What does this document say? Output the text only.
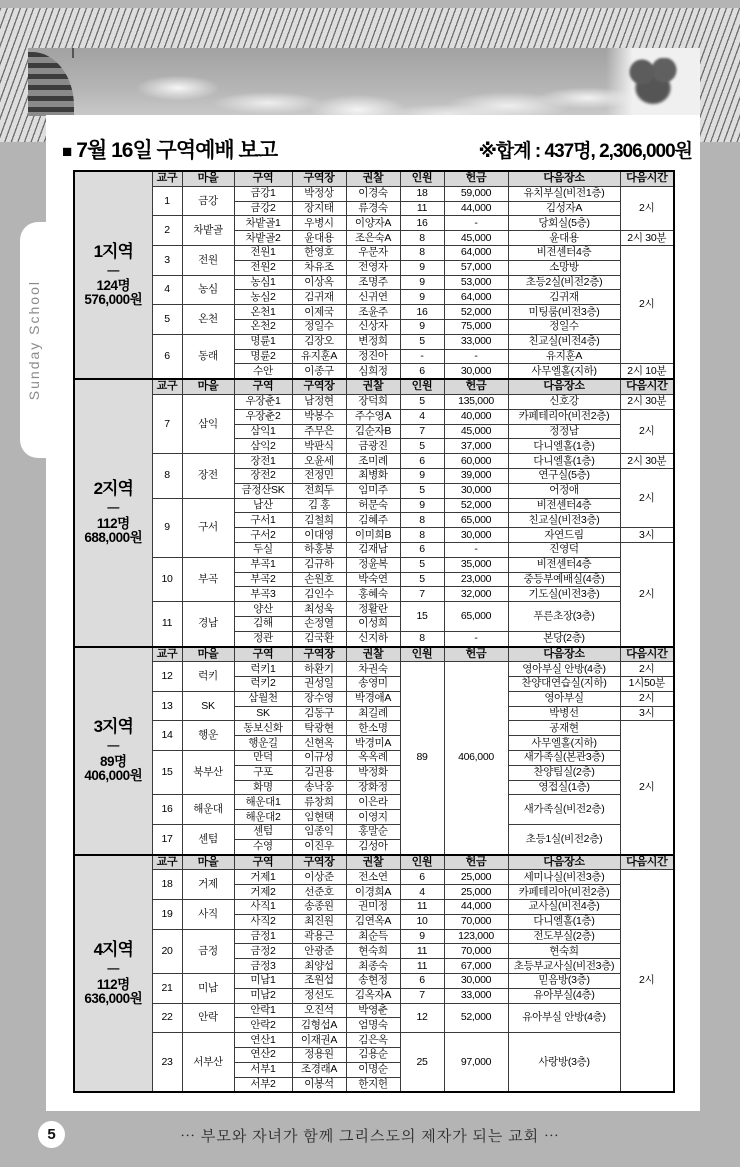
Sunday School
■ 7월 16일 구역예배 보고	※합계 : 437명, 2,306,000원
1지역
—
124명
576,000원	교구	마을	구역	구역장	권찰	인원	헌금	다음장소	다음시간
	1	금강	금강1	박정상	이경숙	18	59,000	유치부실(비전1층)	2시
			금강2	장지태	류경숙	11	44,000	김성자A	
	2	차밭골	차밭골1	우병시	이양자A	16	-	당회실(5층)	
			차밭골2	윤대용	조은숙A	8	45,000	윤대용	2시 30분
	3	전원	전원1	한영호	우문자	8	64,000	비전센터4층	2시
			전원2	차유조	전영자	9	57,000	소망방	
	4	농심	농심1	이상옥	조명주	9	53,000	초등2실(비전2층)	
			농심2	김귀재	신귀연	9	64,000	김귀재	
	5	온천	온천1	이제국	조윤주	16	52,000	미팅룸(비전3층)	
			온천2	정일수	신상자	9	75,000	정일수	
	6	동래	명륜1	김장오	변정희	5	33,000	친교실(비전4층)	
			명륜2	유지훈A	정진아	-	-	유지훈A	
			수안	이종구	심희정	6	30,000	사무엘홀(지하)	2시 10분

2지역
—
112명
688,000원	교구	마을	구역	구역장	권찰	인원	헌금	다음장소	다음시간
	7	삼익	우장춘1	남정현	장덕희	5	135,000	신호강	2시 30분
			우장춘2	박봉수	주수영A	4	40,000	카페테리아(비전2층)	2시
			삼익1	주무은	김순자B	7	45,000	정정남	
			삼익2	박판식	금광진	5	37,000	다니엘홀(1층)	
	8	장전	장전1	오윤세	조미례	6	60,000	다니엘홀(1층)	2시 30분
			장전2	전정민	최병화	9	39,000	연구실(5층)	2시
			금정산SK	전희두	임미주	5	30,000	어정애	
	9	구서	남산	김 홍	허문숙	9	52,000	비전센터4층	
			구서1	김철희	김혜주	8	65,000	친교실(비전3층)	
			구서2	이대영	이미희B	8	30,000	자연드림	3시
			두실	하홍봉	김재남	6	-	진영덕	2시
	10	부곡	부곡1	김규하	정윤복	5	35,000	비전센터4층	
			부곡2	손원호	박숙연	5	23,000	중등부예배실(4층)	
			부곡3	김인수	홍혜숙	7	32,000	기도실(비전3층)	
	11	경남	양산	최성욱	정활란	15	65,000	푸른초장(3층)	
			김해	손정열	이성희				
			정관	김국환	신지하	8	-	본당(2층)	

3지역
—
89명
406,000원	교구	마을	구역	구역장	권찰	인원	헌금	다음장소	다음시간
	12	럭키	럭키1	하환기	차권숙	89	406,000	영아부실 안방(4층)	2시
			럭키2	권성일	송영미			찬양대연습실(지하)	1시50분
	13	SK	삼월천	장수영	박경애A			영아부실	2시
			SK	김동구	최길례			박병선	3시
	14	행운	동보신화	탁광현	한소명			공재현	2시
			행운길	신현옥	박경미A			사무엘홀(지하)	
	15	북부산	만덕	이규성	옥옥례			새가족실(본관3층)	
			구포	김권용	박정화			찬양팀실(2층)	
			화명	송낙웅	장화정			영접실(1층)	
	16	해운대	해운대1	류창희	이은라			새가족실(비전2층)	
			해운대2	임현택	이영지				
	17	센텀	센텀	임종익	홍말순			초등1실(비전2층)	
			수영	이진우	김성아				

4지역
—
112명
636,000원	교구	마을	구역	구역장	권찰	인원	헌금	다음장소	다음시간
	18	거제	거제1	이상준	전소연	6	25,000	세미나실(비전3층)	2시
			거제2	선준호	이경희A	4	25,000	카페테리아(비전2층)	
	19	사직	사직1	송종원	권미정	11	44,000	교사실(비전4층)	
			사직2	최진원	김연옥A	10	70,000	다니엘홀(1층)	
	20	금정	금정1	곽용근	최순득	9	123,000	전도부실(2층)	
			금정2	안광준	현숙희	11	70,000	현숙희	
			금정3	최양섭	최종숙	11	67,000	초등부교사실(비전3층)	
	21	미남	미남1	조원섭	송현정	6	30,000	믿음방(3층)	
			미남2	정선도	김옥자A	7	33,000	유아부실(4층)	
	22	안락	안락1	오진석	박영춘	12	52,000	유아부실 안방(4층)	
			안락2	김형섭A	엄명숙				
	23	서부산	연산1	이재권A	김은옥	25	97,000	사랑방(3층)	
			연산2	정용원	김용순				
			서부1	조경래A	이명순				
			서부2	이봉석	한지헌				
5	⋯ 부모와 자녀가 함께 그리스도의 제자가 되는 교회 ⋯
